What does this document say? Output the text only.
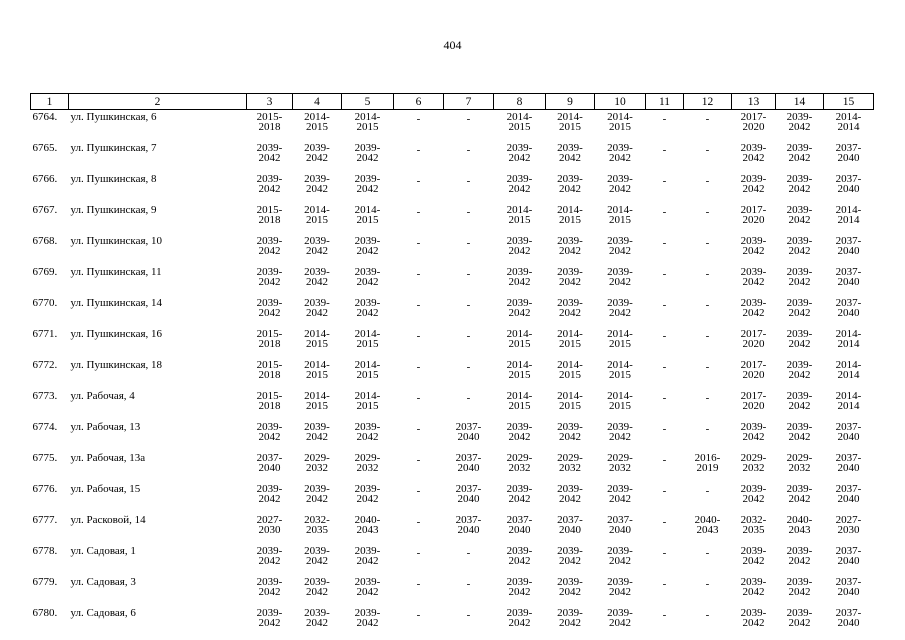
404
1	2	3	4	5	6	7	8	9	10	11	12	13	14	15
6764.	ул. Пушкинская, 6	2015-
2018	2014-
2015	2014-
2015	-	-	2014-
2015	2014-
2015	2014-
2015	-	-	2017-
2020	2039-
2042	2014-
2014

6765.	ул. Пушкинская, 7	2039-
2042	2039-
2042	2039-
2042	-	-	2039-
2042	2039-
2042	2039-
2042	-	-	2039-
2042	2039-
2042	2037-
2040

6766.	ул. Пушкинская, 8	2039-
2042	2039-
2042	2039-
2042	-	-	2039-
2042	2039-
2042	2039-
2042	-	-	2039-
2042	2039-
2042	2037-
2040

6767.	ул. Пушкинская, 9	2015-
2018	2014-
2015	2014-
2015	-	-	2014-
2015	2014-
2015	2014-
2015	-	-	2017-
2020	2039-
2042	2014-
2014

6768.	ул. Пушкинская, 10	2039-
2042	2039-
2042	2039-
2042	-	-	2039-
2042	2039-
2042	2039-
2042	-	-	2039-
2042	2039-
2042	2037-
2040

6769.	ул. Пушкинская, 11	2039-
2042	2039-
2042	2039-
2042	-	-	2039-
2042	2039-
2042	2039-
2042	-	-	2039-
2042	2039-
2042	2037-
2040

6770.	ул. Пушкинская, 14	2039-
2042	2039-
2042	2039-
2042	-	-	2039-
2042	2039-
2042	2039-
2042	-	-	2039-
2042	2039-
2042	2037-
2040

6771.	ул. Пушкинская, 16	2015-
2018	2014-
2015	2014-
2015	-	-	2014-
2015	2014-
2015	2014-
2015	-	-	2017-
2020	2039-
2042	2014-
2014

6772.	ул. Пушкинская, 18	2015-
2018	2014-
2015	2014-
2015	-	-	2014-
2015	2014-
2015	2014-
2015	-	-	2017-
2020	2039-
2042	2014-
2014

6773.	ул. Рабочая, 4	2015-
2018	2014-
2015	2014-
2015	-	-	2014-
2015	2014-
2015	2014-
2015	-	-	2017-
2020	2039-
2042	2014-
2014

6774.	ул. Рабочая, 13	2039-
2042	2039-
2042	2039-
2042	-	2037-
2040	2039-
2042	2039-
2042	2039-
2042	-	-	2039-
2042	2039-
2042	2037-
2040

6775.	ул. Рабочая, 13а	2037-
2040	2029-
2032	2029-
2032	-	2037-
2040	2029-
2032	2029-
2032	2029-
2032	-	2016-
2019	2029-
2032	2029-
2032	2037-
2040

6776.	ул. Рабочая, 15	2039-
2042	2039-
2042	2039-
2042	-	2037-
2040	2039-
2042	2039-
2042	2039-
2042	-	-	2039-
2042	2039-
2042	2037-
2040

6777.	ул. Расковой, 14	2027-
2030	2032-
2035	2040-
2043	-	2037-
2040	2037-
2040	2037-
2040	2037-
2040	-	2040-
2043	2032-
2035	2040-
2043	2027-
2030

6778.	ул. Садовая, 1	2039-
2042	2039-
2042	2039-
2042	-	-	2039-
2042	2039-
2042	2039-
2042	-	-	2039-
2042	2039-
2042	2037-
2040

6779.	ул. Садовая, 3	2039-
2042	2039-
2042	2039-
2042	-	-	2039-
2042	2039-
2042	2039-
2042	-	-	2039-
2042	2039-
2042	2037-
2040

6780.	ул. Садовая, 6	2039-
2042	2039-
2042	2039-
2042	-	-	2039-
2042	2039-
2042	2039-
2042	-	-	2039-
2042	2039-
2042	2037-
2040
